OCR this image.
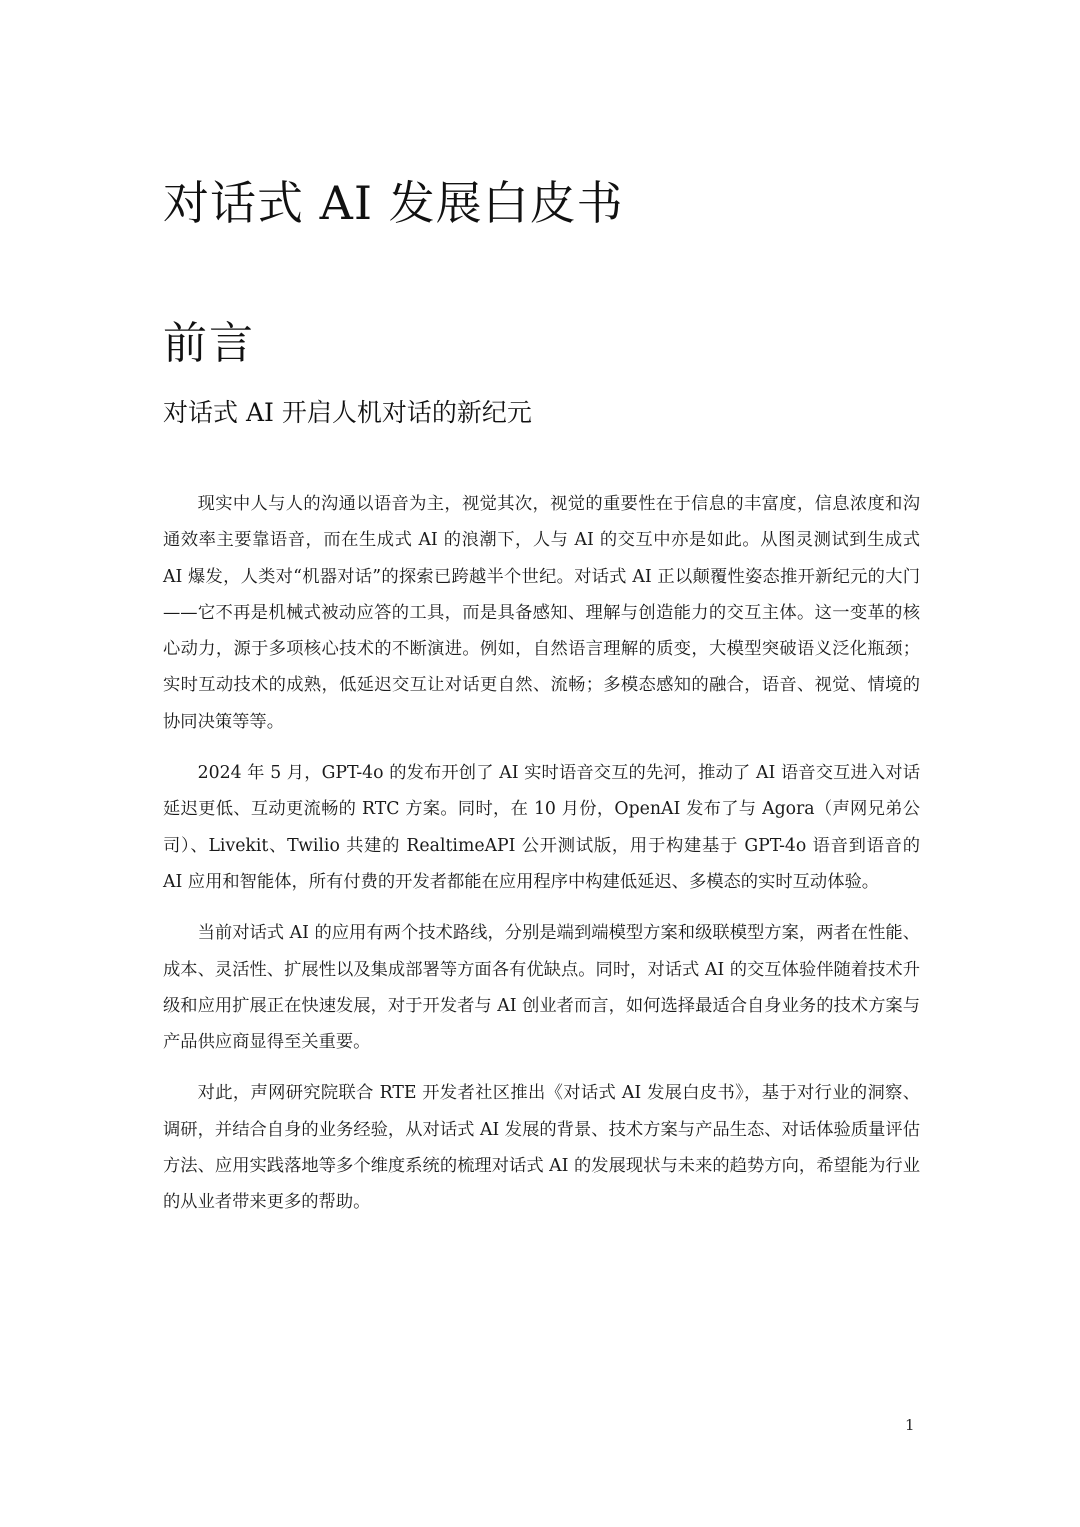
对话式 AI 发展白皮书
前言
对话式 AI 开启人机对话的新纪元

现实中人与人的沟通以语音为主，视觉其次，视觉的重要性在于信息的丰富度，信息浓度和沟通效率主要靠语音，而在生成式 AI 的浪潮下，人与 AI 的交互中亦是如此。从图灵测试到生成式 AI 爆发，人类对“机器对话”的探索已跨越半个世纪。对话式 AI 正以颠覆性姿态推开新纪元的大门——它不再是机械式被动应答的工具，而是具备感知、理解与创造能力的交互主体。这一变革的核心动力，源于多项核心技术的不断演进。例如，自然语言理解的质变，大模型突破语义泛化瓶颈；实时互动技术的成熟，低延迟交互让对话更自然、流畅；多模态感知的融合，语音、视觉、情境的协同决策等等。

2024 年 5 月，GPT-4o 的发布开创了 AI 实时语音交互的先河，推动了 AI 语音交互进入对话延迟更低、互动更流畅的 RTC 方案。同时，在 10 月份，OpenAI 发布了与 Agora（声网兄弟公司）、Livekit、Twilio 共建的 RealtimeAPI 公开测试版，用于构建基于 GPT-4o 语音到语音的 AI 应用和智能体，所有付费的开发者都能在应用程序中构建低延迟、多模态的实时互动体验。

当前对话式 AI 的应用有两个技术路线，分别是端到端模型方案和级联模型方案，两者在性能、成本、灵活性、扩展性以及集成部署等方面各有优缺点。同时，对话式 AI 的交互体验伴随着技术升级和应用扩展正在快速发展，对于开发者与 AI 创业者而言，如何选择最适合自身业务的技术方案与产品供应商显得至关重要。

对此，声网研究院联合 RTE 开发者社区推出《对话式 AI 发展白皮书》，基于对行业的洞察、调研，并结合自身的业务经验，从对话式 AI 发展的背景、技术方案与产品生态、对话体验质量评估方法、应用实践落地等多个维度系统的梳理对话式 AI 的发展现状与未来的趋势方向，希望能为行业的从业者带来更多的帮助。

1
